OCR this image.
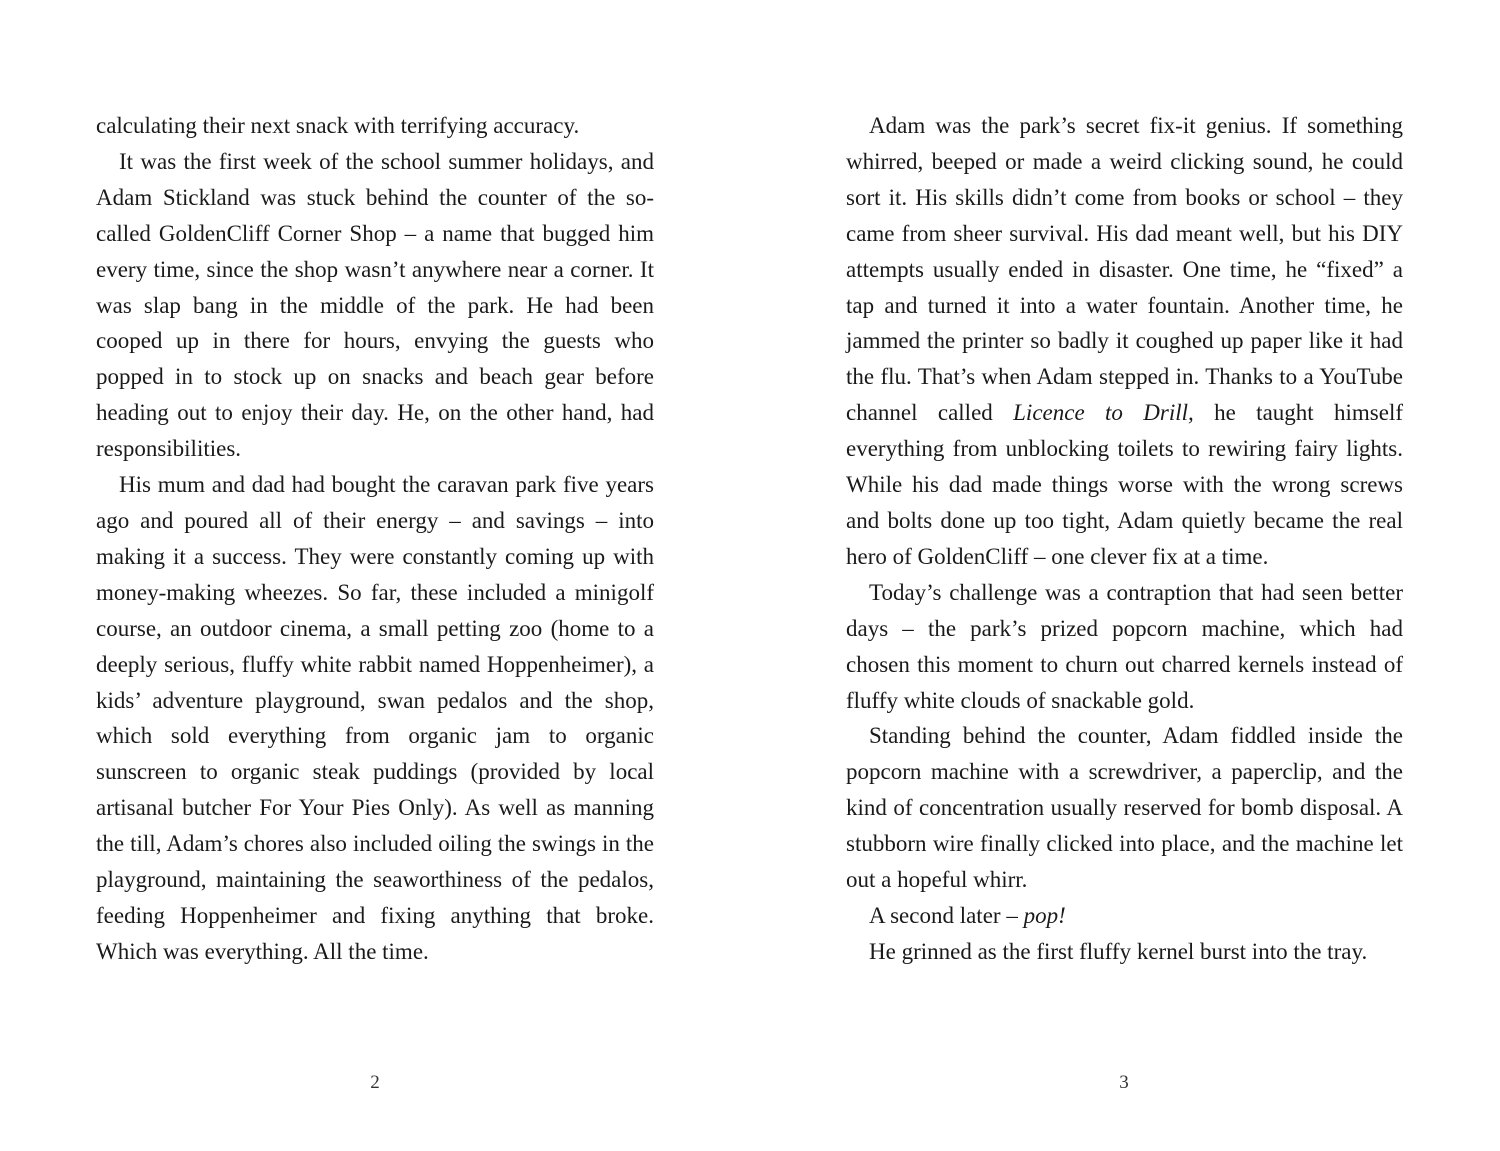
calculating their next snack with terrifying accuracy.

It was the first week of the school summer holidays, and Adam Stickland was stuck behind the counter of the so-called GoldenCliff Corner Shop – a name that bugged him every time, since the shop wasn’t anywhere near a corner. It was slap bang in the middle of the park. He had been cooped up in there for hours, envying the guests who popped in to stock up on snacks and beach gear before heading out to enjoy their day. He, on the other hand, had responsibilities.

His mum and dad had bought the caravan park five years ago and poured all of their energy – and savings – into making it a success. They were constantly coming up with money-making wheezes. So far, these included a minigolf course, an outdoor cinema, a small petting zoo (home to a deeply serious, fluffy white rabbit named Hoppenheimer), a kids’ adventure playground, swan pedalos and the shop, which sold everything from organic jam to organic sunscreen to organic steak puddings (provided by local artisanal butcher For Your Pies Only). As well as manning the till, Adam’s chores also included oiling the swings in the playground, maintaining the seaworthiness of the pedalos, feeding Hoppenheimer and fixing anything that broke. Which was everything. All the time.

2

Adam was the park’s secret fix-it genius. If something whirred, beeped or made a weird clicking sound, he could sort it. His skills didn’t come from books or school – they came from sheer survival. His dad meant well, but his DIY attempts usually ended in disaster. One time, he “fixed” a tap and turned it into a water fountain. Another time, he jammed the printer so badly it coughed up paper like it had the flu. That’s when Adam stepped in. Thanks to a YouTube channel called Licence to Drill, he taught himself everything from unblocking toilets to rewiring fairy lights. While his dad made things worse with the wrong screws and bolts done up too tight, Adam quietly became the real hero of GoldenCliff – one clever fix at a time.

Today’s challenge was a contraption that had seen better days – the park’s prized popcorn machine, which had chosen this moment to churn out charred kernels instead of fluffy white clouds of snackable gold.

Standing behind the counter, Adam fiddled inside the popcorn machine with a screwdriver, a paperclip, and the kind of concentration usually reserved for bomb disposal. A stubborn wire finally clicked into place, and the machine let out a hopeful whirr.

A second later – pop!

He grinned as the first fluffy kernel burst into the tray.

3
